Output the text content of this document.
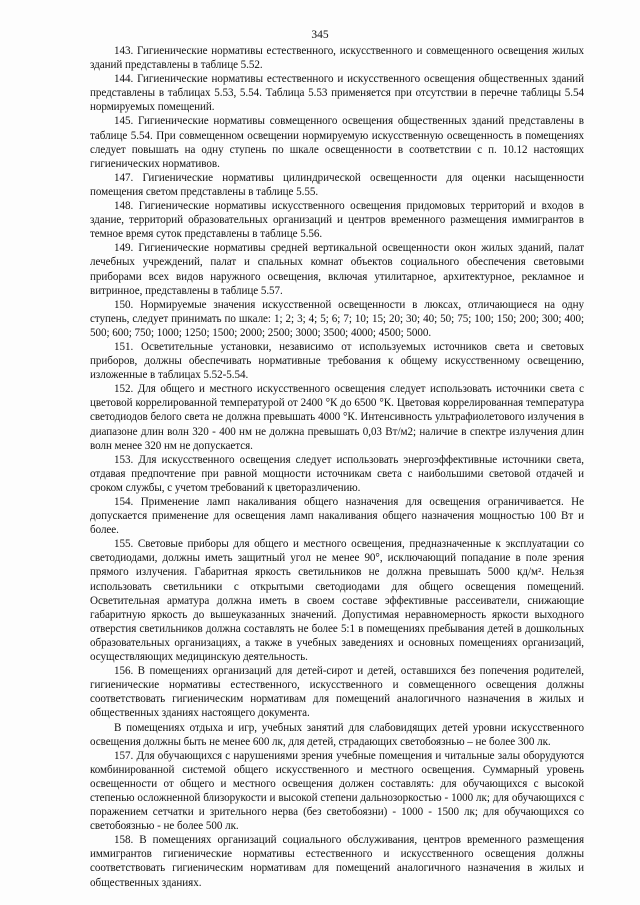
345

143. Гигиенические нормативы естественного, искусственного и совмещенного освещения жилых зданий представлены в таблице 5.52.

144. Гигиенические нормативы естественного и искусственного освещения общественных зданий представлены в таблицах 5.53, 5.54. Таблица 5.53 применяется при отсутствии в перечне таблицы 5.54 нормируемых помещений.

145. Гигиенические нормативы совмещенного освещения общественных зданий представлены в таблице 5.54. При совмещенном освещении нормируемую искусственную освещенность в помещениях следует повышать на одну ступень по шкале освещенности в соответствии с п. 10.12 настоящих гигиенических нормативов.

147. Гигиенические нормативы цилиндрической освещенности для оценки насыщенности помещения светом представлены в таблице 5.55.

148. Гигиенические нормативы искусственного освещения придомовых территорий и входов в здание, территорий образовательных организаций и центров временного размещения иммигрантов в темное время суток представлены в таблице 5.56.

149. Гигиенические нормативы средней вертикальной освещенности окон жилых зданий, палат лечебных учреждений, палат и спальных комнат объектов социального обеспечения световыми приборами всех видов наружного освещения, включая утилитарное, архитектурное, рекламное и витринное, представлены в таблице 5.57.

150. Нормируемые значения искусственной освещенности в люксах, отличающиеся на одну ступень, следует принимать по шкале: 1; 2; 3; 4; 5; 6; 7; 10; 15; 20; 30; 40; 50; 75; 100; 150; 200; 300; 400; 500; 600; 750; 1000; 1250; 1500; 2000; 2500; 3000; 3500; 4000; 4500; 5000.

151. Осветительные установки, независимо от используемых источников света и световых приборов, должны обеспечивать нормативные требования к общему искусственному освещению, изложенные в таблицах 5.52-5.54.

152. Для общего и местного искусственного освещения следует использовать источники света с цветовой коррелированной температурой от 2400 °К до 6500 °К. Цветовая коррелированная температура светодиодов белого света не должна превышать 4000 °К. Интенсивность ультрафиолетового излучения в диапазоне длин волн 320 - 400 нм не должна превышать 0,03 Вт/м2; наличие в спектре излучения длин волн менее 320 нм не допускается.

153. Для искусственного освещения следует использовать энергоэффективные источники света, отдавая предпочтение при равной мощности источникам света с наибольшими световой отдачей и сроком службы, с учетом требований к цветоразличению.

154. Применение ламп накаливания общего назначения для освещения ограничивается. Не допускается применение для освещения ламп накаливания общего назначения мощностью 100 Вт и более.

155. Световые приборы для общего и местного освещения, предназначенные к эксплуатации со светодиодами, должны иметь защитный угол не менее 90°, исключающий попадание в поле зрения прямого излучения. Габаритная яркость светильников не должна превышать 5000 кд/м². Нельзя использовать светильники с открытыми светодиодами для общего освещения помещений. Осветительная арматура должна иметь в своем составе эффективные рассеиватели, снижающие габаритную яркость до вышеуказанных значений. Допустимая неравномерность яркости выходного отверстия светильников должна составлять не более 5:1 в помещениях пребывания детей в дошкольных образовательных организациях, а также в учебных заведениях и основных помещениях организаций, осуществляющих медицинскую деятельность.

156. В помещениях организаций для детей-сирот и детей, оставшихся без попечения родителей, гигиенические нормативы естественного, искусственного и совмещенного освещения должны соответствовать гигиеническим нормативам для помещений аналогичного назначения в жилых и общественных зданиях настоящего документа.

В помещениях отдыха и игр, учебных занятий для слабовидящих детей уровни искусственного освещения должны быть не менее 600 лк, для детей, страдающих светобоязнью – не более 300 лк.

157. Для обучающихся с нарушениями зрения учебные помещения и читальные залы оборудуются комбинированной системой общего искусственного и местного освещения. Суммарный уровень освещенности от общего и местного освещения должен составлять: для обучающихся с высокой степенью осложненной близорукости и высокой степени дальнозоркостью - 1000 лк; для обучающихся с поражением сетчатки и зрительного нерва (без светобоязни) - 1000 - 1500 лк; для обучающихся со светобоязнью - не более 500 лк.

158. В помещениях организаций социального обслуживания, центров временного размещения иммигрантов гигиенические нормативы естественного и искусственного освещения должны соответствовать гигиеническим нормативам для помещений аналогичного назначения в жилых и общественных зданиях.
